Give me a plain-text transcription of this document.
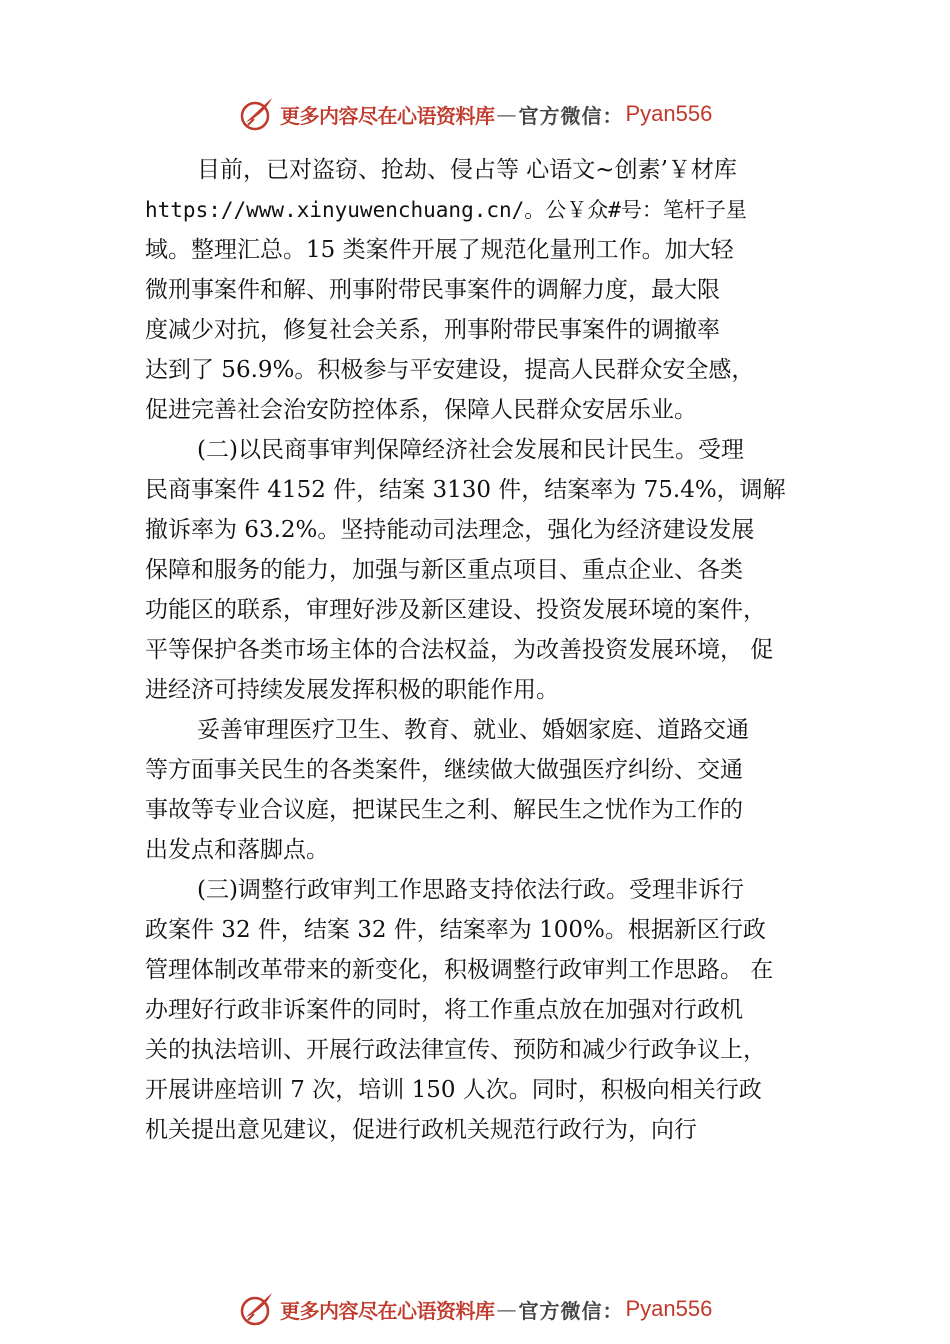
更多内容尽在心语资料库 — 官方微信： Pyan556
目前，已对盗窃、抢劫、侵占等 心语文~创素’￥材库
https://www.xinyuwenchuang.cn/。公￥众#号：笔杆子星
域。整理汇总。15 类案件开展了规范化量刑工作。加大轻
微刑事案件和解、刑事附带民事案件的调解力度，最大限
度减少对抗，修复社会关系，刑事附带民事案件的调撤率
达到了 56.9%。积极参与平安建设，提高人民群众安全感，
促进完善社会治安防控体系，保障人民群众安居乐业。
(二)以民商事审判保障经济社会发展和民计民生。受理
民商事案件 4152 件，结案 3130 件，结案率为 75.4%，调解
撤诉率为 63.2%。坚持能动司法理念，强化为经济建设发展
保障和服务的能力，加强与新区重点项目、重点企业、各类
功能区的联系，审理好涉及新区建设、投资发展环境的案件，
平等保护各类市场主体的合法权益，为改善投资发展环境， 促
进经济可持续发展发挥积极的职能作用。
妥善审理医疗卫生、教育、就业、婚姻家庭、道路交通
等方面事关民生的各类案件，继续做大做强医疗纠纷、交通
事故等专业合议庭，把谋民生之利、解民生之忧作为工作的
出发点和落脚点。
(三)调整行政审判工作思路支持依法行政。受理非诉行
政案件 32 件，结案 32 件，结案率为 100%。根据新区行政
管理体制改革带来的新变化，积极调整行政审判工作思路。 在
办理好行政非诉案件的同时，将工作重点放在加强对行政机
关的执法培训、开展行政法律宣传、预防和减少行政争议上，
开展讲座培训 7 次，培训 150 人次。同时，积极向相关行政
机关提出意见建议，促进行政机关规范行政行为，向行
更多内容尽在心语资料库 — 官方微信： Pyan556
